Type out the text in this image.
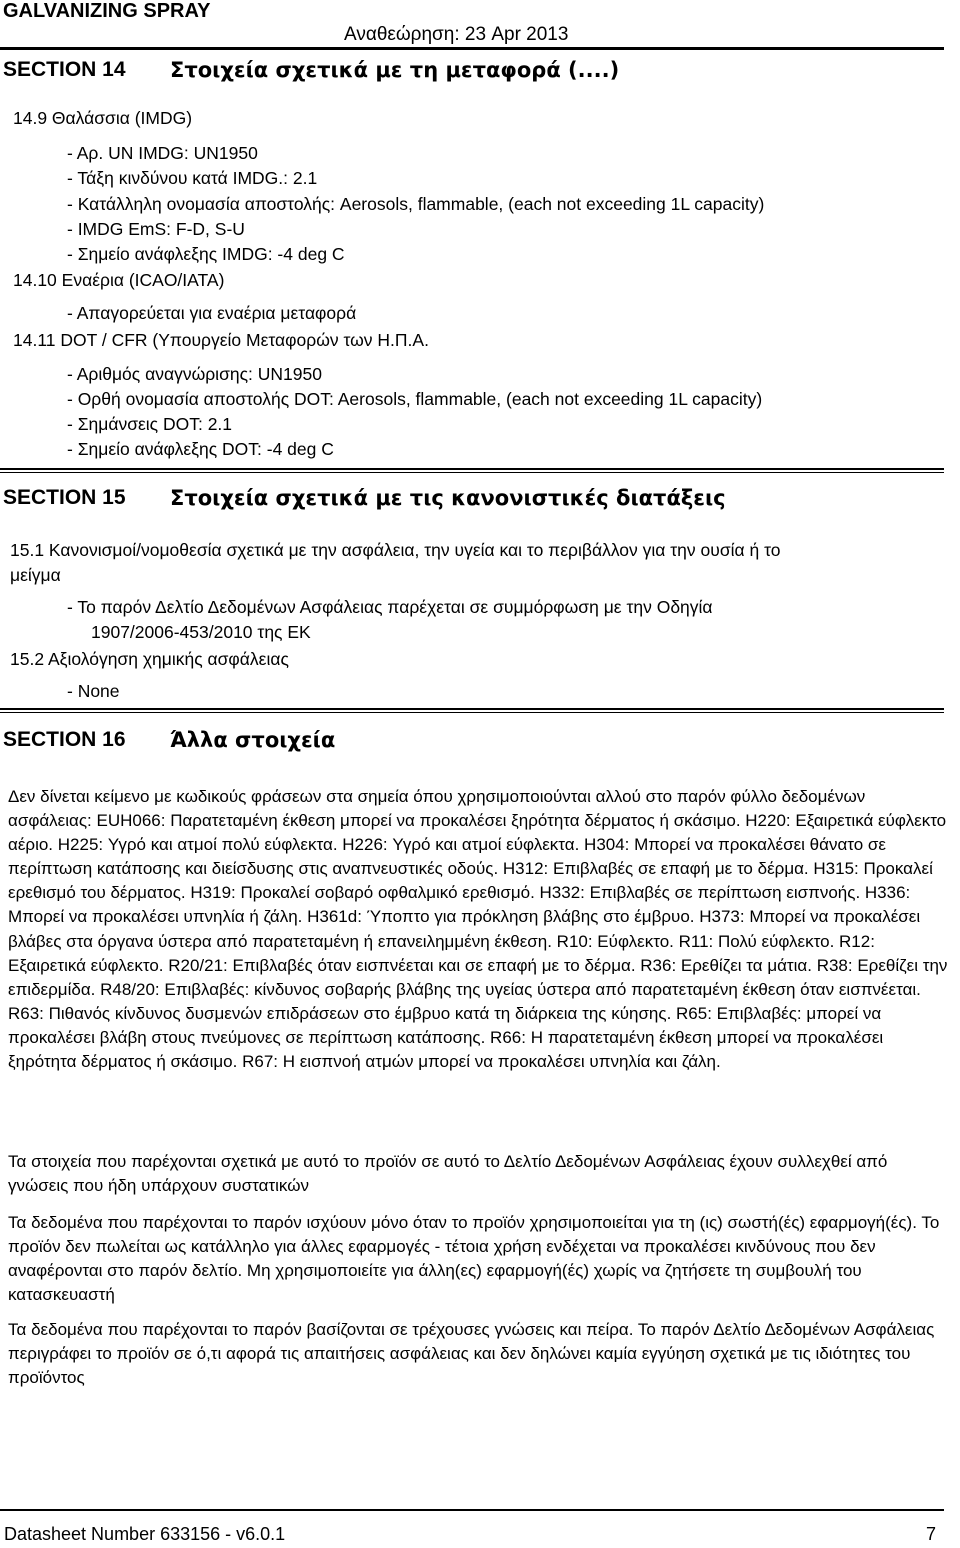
GALVANIZING SPRAY
Αναθεώρηση: 23 Apr 2013
SECTION 14 Στοιχεία σχετικά με τη μεταφορά (....)
14.9 Θαλάσσια (IMDG)
- Αρ. UN IMDG: UN1950
- Τάξη κινδύνου κατά IMDG.: 2.1
- Κατάλληλη ονομασία αποστολής: Aerosols, flammable, (each not exceeding 1L capacity)
- IMDG EmS: F-D, S-U
- Σημείο ανάφλεξης IMDG: -4 deg C
14.10 Εναέρια (ICAO/IATA)
- Απαγορεύεται για εναέρια μεταφορά
14.11 DOT / CFR (Υπουργείο Μεταφορών των Η.Π.Α.
- Αριθμός αναγνώρισης: UN1950
- Ορθή ονομασία αποστολής DOT: Aerosols, flammable, (each not exceeding 1L capacity)
- Σημάνσεις DOT: 2.1
- Σημείο ανάφλεξης DOT: -4 deg C
SECTION 15 Στοιχεία σχετικά με τις κανονιστικές διατάξεις
15.1 Κανονισμοί/νομοθεσία σχετικά με την ασφάλεια, την υγεία και το περιβάλλον για την ουσία ή το
μείγμα
- Το παρόν Δελτίο Δεδομένων Ασφάλειας παρέχεται σε συμμόρφωση με την Οδηγία
1907/2006-453/2010 της ΕΚ
15.2 Αξιολόγηση χημικής ασφάλειας
- None
SECTION 16 Άλλα στοιχεία
Δεν δίνεται κείμενο με κωδικούς φράσεων στα σημεία όπου χρησιμοποιούνται αλλού στο παρόν φύλλο δεδομένων ασφάλειας: EUH066: Παρατεταμένη έκθεση μπορεί να προκαλέσει ξηρότητα δέρματος ή σκάσιμο. H220: Εξαιρετικά εύφλεκτο αέριο. H225: Υγρό και ατμοί πολύ εύφλεκτα. H226: Υγρό και ατμοί εύφλεκτα. H304: Μπορεί να προκαλέσει θάνατο σε περίπτωση κατάποσης και διείσδυσης στις αναπνευστικές οδούς. H312: Επιβλαβές σε επαφή με το δέρμα. H315: Προκαλεί ερεθισμό του δέρματος. H319: Προκαλεί σοβαρό οφθαλμικό ερεθισμό. H332: Επιβλαβές σε περίπτωση εισπνοής. H336: Μπορεί να προκαλέσει υπνηλία ή ζάλη. H361d: Ύποπτο για πρόκληση βλάβης στο έμβρυο. H373: Μπορεί να προκαλέσει βλάβες στα όργανα ύστερα από παρατεταμένη ή επανειλημμένη έκθεση. R10: Εύφλεκτο. R11: Πολύ εύφλεκτο. R12: Εξαιρετικά εύφλεκτο. R20/21: Επιβλαβές όταν εισπνέεται και σε επαφή με το δέρμα. R36: Ερεθίζει τα μάτια. R38: Ερεθίζει την επιδερμίδα. R48/20: Επιβλαβές: κίνδυνος σοβαρής βλάβης της υγείας ύστερα από παρατεταμένη έκθεση όταν εισπνέεται. R63: Πιθανός κίνδυνος δυσμενών επιδράσεων στο έμβρυο κατά τη διάρκεια της κύησης. R65: Επιβλαβές: μπορεί να προκαλέσει βλάβη στους πνεύμονες σε περίπτωση κατάποσης. R66: Η παρατεταμένη έκθεση μπορεί να προκαλέσει ξηρότητα δέρματος ή σκάσιμο. R67: Η εισπνοή ατμών μπορεί να προκαλέσει υπνηλία και ζάλη.
Τα στοιχεία που παρέχονται σχετικά με αυτό το προϊόν σε αυτό το Δελτίο Δεδομένων Ασφάλειας έχουν συλλεχθεί από γνώσεις που ήδη υπάρχουν συστατικών
Τα δεδομένα που παρέχονται το παρόν ισχύουν μόνο όταν το προϊόν χρησιμοποιείται για τη (ις) σωστή(ές) εφαρμογή(ές). Το προϊόν δεν πωλείται ως κατάλληλο για άλλες εφαρμογές - τέτοια χρήση ενδέχεται να προκαλέσει κινδύνους που δεν αναφέρονται στο παρόν δελτίο. Μη χρησιμοποιείτε για άλλη(ες) εφαρμογή(ές) χωρίς να ζητήσετε τη συμβουλή του κατασκευαστή
Τα δεδομένα που παρέχονται το παρόν βασίζονται σε τρέχουσες γνώσεις και πείρα. Το παρόν Δελτίο Δεδομένων Ασφάλειας περιγράφει το προϊόν σε ό,τι αφορά τις απαιτήσεις ασφάλειας και δεν δηλώνει καμία εγγύηση σχετικά με τις ιδιότητες του προϊόντος
Datasheet Number 633156 - v6.0.1	7
